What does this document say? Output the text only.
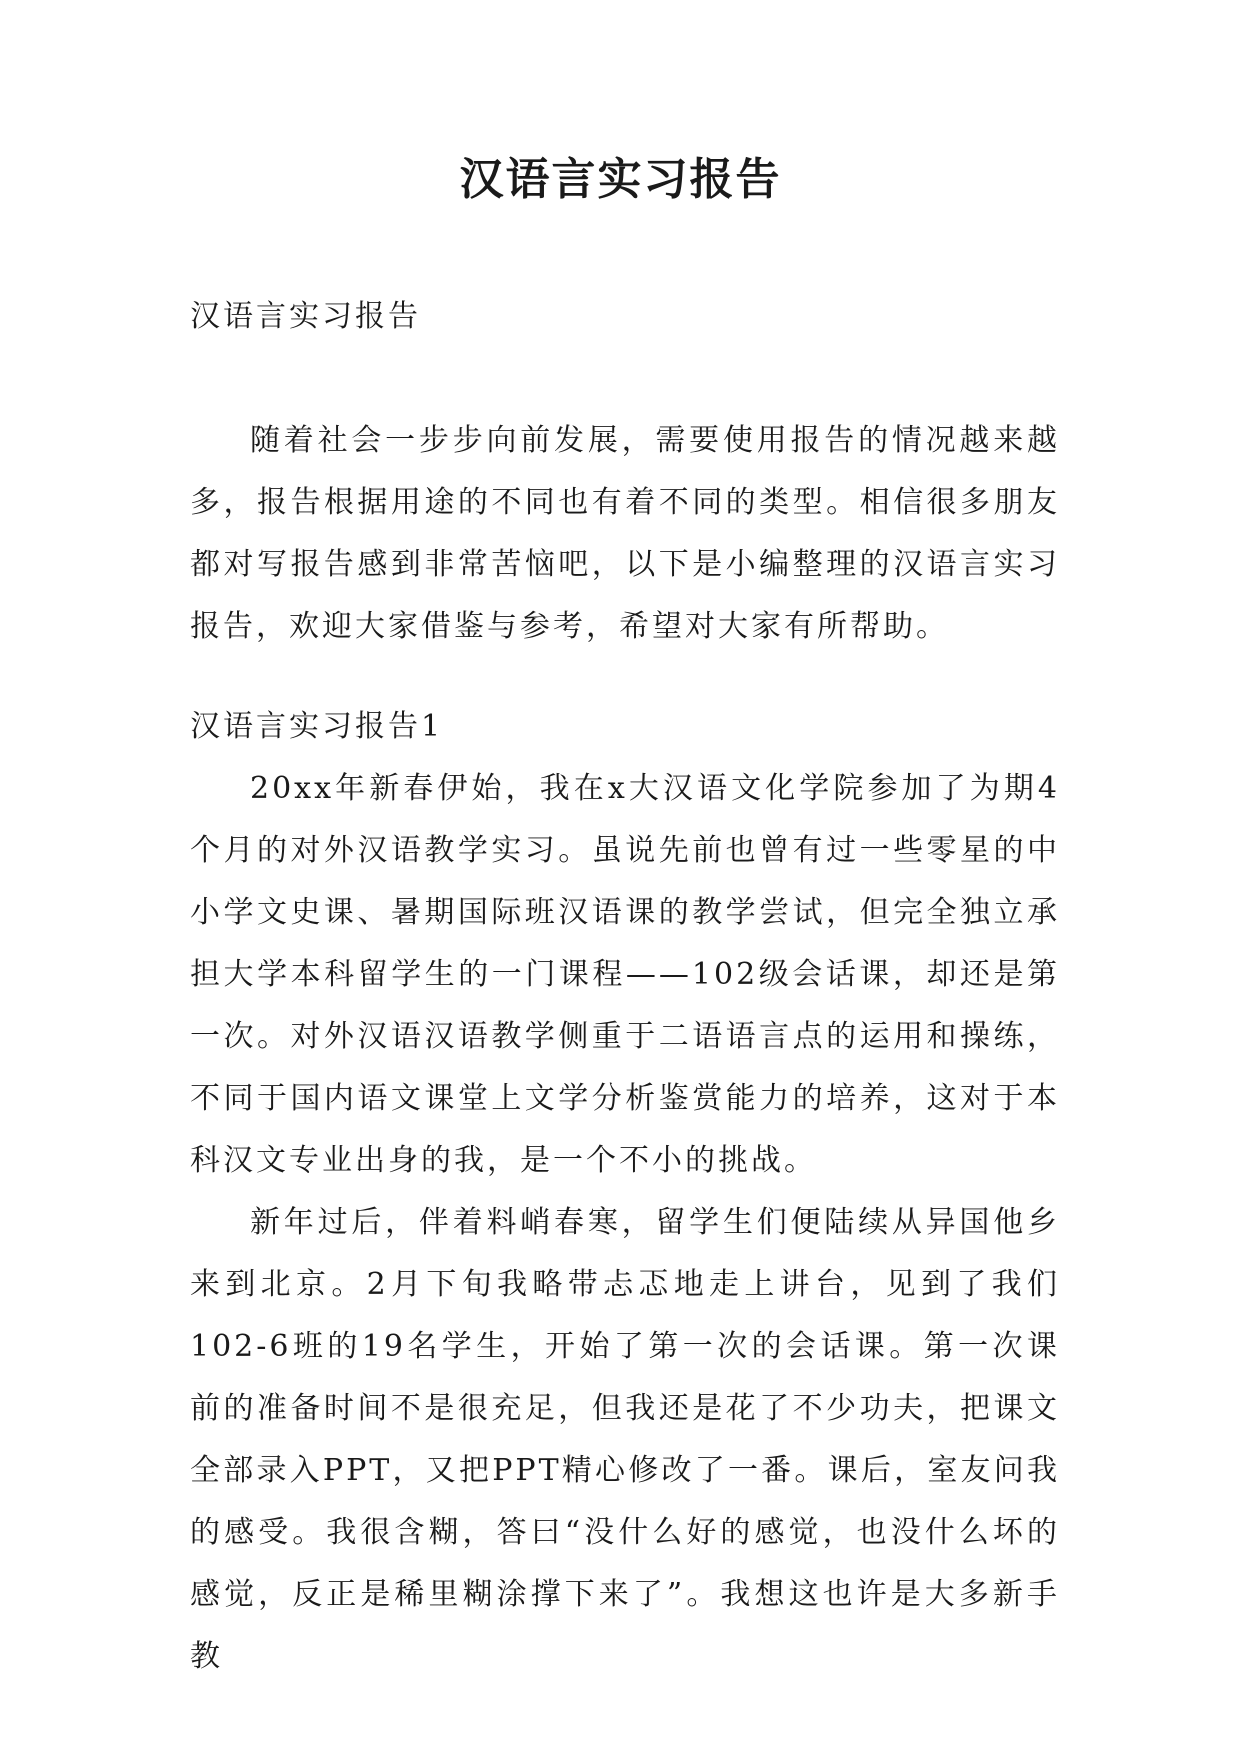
汉语言实习报告

汉语言实习报告

随着社会一步步向前发展，需要使用报告的情况越来越多，报告根据用途的不同也有着不同的类型。相信很多朋友都对写报告感到非常苦恼吧，以下是小编整理的汉语言实习报告，欢迎大家借鉴与参考，希望对大家有所帮助。

汉语言实习报告1

20xx年新春伊始，我在x大汉语文化学院参加了为期4个月的对外汉语教学实习。虽说先前也曾有过一些零星的中小学文史课、暑期国际班汉语课的教学尝试，但完全独立承担大学本科留学生的一门课程——102级会话课，却还是第一次。对外汉语汉语教学侧重于二语语言点的运用和操练，不同于国内语文课堂上文学分析鉴赏能力的培养，这对于本科汉文专业出身的我，是一个不小的挑战。

新年过后，伴着料峭春寒，留学生们便陆续从异国他乡来到北京。2月下旬我略带忐忑地走上讲台，见到了我们102-6班的19名学生，开始了第一次的会话课。第一次课前的准备时间不是很充足，但我还是花了不少功夫，把课文全部录入PPT，又把PPT精心修改了一番。课后，室友问我的感受。我很含糊，答曰“没什么好的感觉，也没什么坏的感觉，反正是稀里糊涂撑下来了”。我想这也许是大多新手教
